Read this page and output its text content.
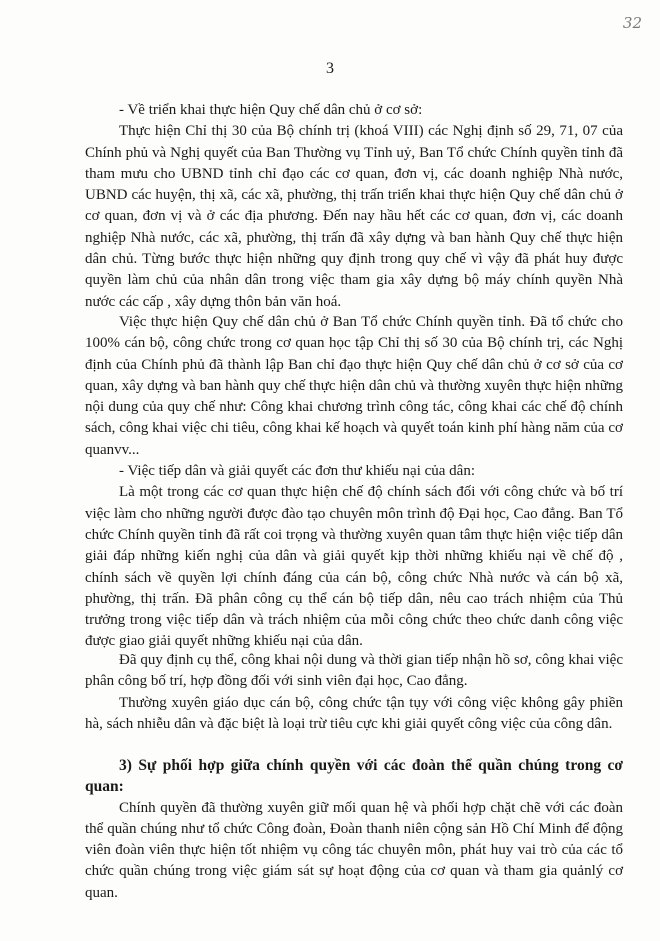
32
3

- Về triển khai thực hiện Quy chế dân chủ ở cơ sở:

Thực hiện Chỉ thị 30 của Bộ chính trị (khoá VIII) các Nghị định số 29, 71, 07 của Chính phủ và Nghị quyết của Ban Thường vụ Tỉnh uỷ, Ban Tổ chức Chính quyền tỉnh đã tham mưu cho UBND tỉnh chỉ đạo các cơ quan, đơn vị, các doanh nghiệp Nhà nước, UBND các huyện, thị xã, các xã, phường, thị trấn triển khai thực hiện Quy chế dân chủ ở cơ quan, đơn vị và ở các địa phương. Đến nay hầu hết các cơ quan, đơn vị, các doanh nghiệp Nhà nước, các xã, phường, thị trấn đã xây dựng và ban hành Quy chế thực hiện dân chủ. Từng bước thực hiện những quy định trong quy chế vì vậy đã phát huy được quyền làm chủ của nhân dân trong việc tham gia xây dựng bộ máy chính quyền Nhà nước các cấp , xây dựng thôn bản văn hoá.

Việc thực hiện Quy chế dân chủ ở Ban Tổ chức Chính quyền tỉnh. Đã tổ chức cho 100% cán bộ, công chức trong cơ quan học tập Chỉ thị số 30 của Bộ chính trị, các Nghị định của Chính phủ đã thành lập Ban chỉ đạo thực hiện Quy chế dân chủ ở cơ sở của cơ quan, xây dựng và ban hành quy chế thực hiện dân chủ và thường xuyên thực hiện những nội dung của quy chế như: Công khai chương trình công tác, công khai các chế độ chính sách, công khai việc chi tiêu, công khai kế hoạch và quyết toán kinh phí hàng năm của cơ quanvv...

- Việc tiếp dân và giải quyết các đơn thư khiếu nại của dân:

Là một trong các cơ quan thực hiện chế độ chính sách đối với công chức và bố trí việc làm cho những người được đào tạo chuyên môn trình độ Đại học, Cao đẳng. Ban Tổ chức Chính quyền tỉnh đã rất coi trọng và thường xuyên quan tâm thực hiện việc tiếp dân giải đáp những kiến nghị của dân và giải quyết kịp thời những khiếu nại về chế độ , chính sách về quyền lợi chính đáng của cán bộ, công chức Nhà nước và cán bộ xã, phường, thị trấn. Đã phân công cụ thể cán bộ tiếp dân, nêu cao trách nhiệm của Thủ trưởng trong việc tiếp dân và trách nhiệm của mỗi công chức theo chức danh công việc được giao giải quyết những khiếu nại của dân.

Đã quy định cụ thể, công khai nội dung và thời gian tiếp nhận hồ sơ, công khai việc phân công bố trí, hợp đồng đối với sinh viên đại học, Cao đẳng.

Thường xuyên giáo dục cán bộ, công chức tận tụy với công việc không gây phiền hà, sách nhiễu dân và đặc biệt là loại trừ tiêu cực khi giải quyết công việc của công dân.

3) Sự phối hợp giữa chính quyền với các đoàn thể quần chúng trong cơ quan:

Chính quyền đã thường xuyên giữ mối quan hệ và phối hợp chặt chẽ với các đoàn thể quần chúng như tổ chức Công đoàn, Đoàn thanh niên cộng sản Hồ Chí Minh để động viên đoàn viên thực hiện tốt nhiệm vụ công tác chuyên môn, phát huy vai trò của các tổ chức quần chúng trong việc giám sát sự hoạt động của cơ quan và tham gia quảnlý cơ quan.
